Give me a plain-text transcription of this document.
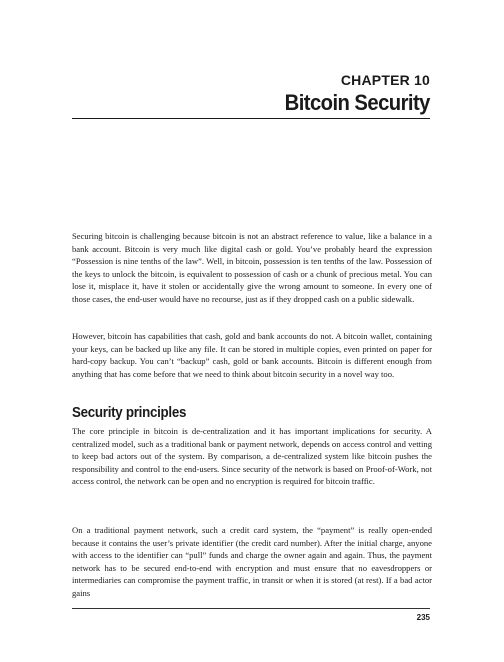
CHAPTER 10

Bitcoin Security

Securing bitcoin is challenging because bitcoin is not an abstract reference to value, like a balance in a bank account. Bitcoin is very much like digital cash or gold. You’ve probably heard the expression “Possession is nine tenths of the law”. Well, in bitcoin, possession is ten tenths of the law. Possession of the keys to unlock the bitcoin, is equivalent to possession of cash or a chunk of precious metal. You can lose it, misplace it, have it stolen or accidentally give the wrong amount to someone. In every one of those cases, the end-user would have no recourse, just as if they dropped cash on a public sidewalk.

However, bitcoin has capabilities that cash, gold and bank accounts do not. A bitcoin wallet, containing your keys, can be backed up like any file. It can be stored in multiple copies, even printed on paper for hard-copy backup. You can’t “backup” cash, gold or bank accounts. Bitcoin is different enough from anything that has come before that we need to think about bitcoin security in a novel way too.

Security principles

The core principle in bitcoin is de-centralization and it has important implications for security. A centralized model, such as a traditional bank or payment network, depends on access control and vetting to keep bad actors out of the system. By comparison, a de-centralized system like bitcoin pushes the responsibility and control to the end-users. Since security of the network is based on Proof-of-Work, not access control, the network can be open and no encryption is required for bitcoin traffic.

On a traditional payment network, such a credit card system, the “payment” is really open-ended because it contains the user’s private identifier (the credit card number). After the initial charge, anyone with access to the identifier can “pull” funds and charge the owner again and again. Thus, the payment network has to be secured end-to-end with encryption and must ensure that no eavesdroppers or intermediaries can compromise the payment traffic, in transit or when it is stored (at rest). If a bad actor gains

235
